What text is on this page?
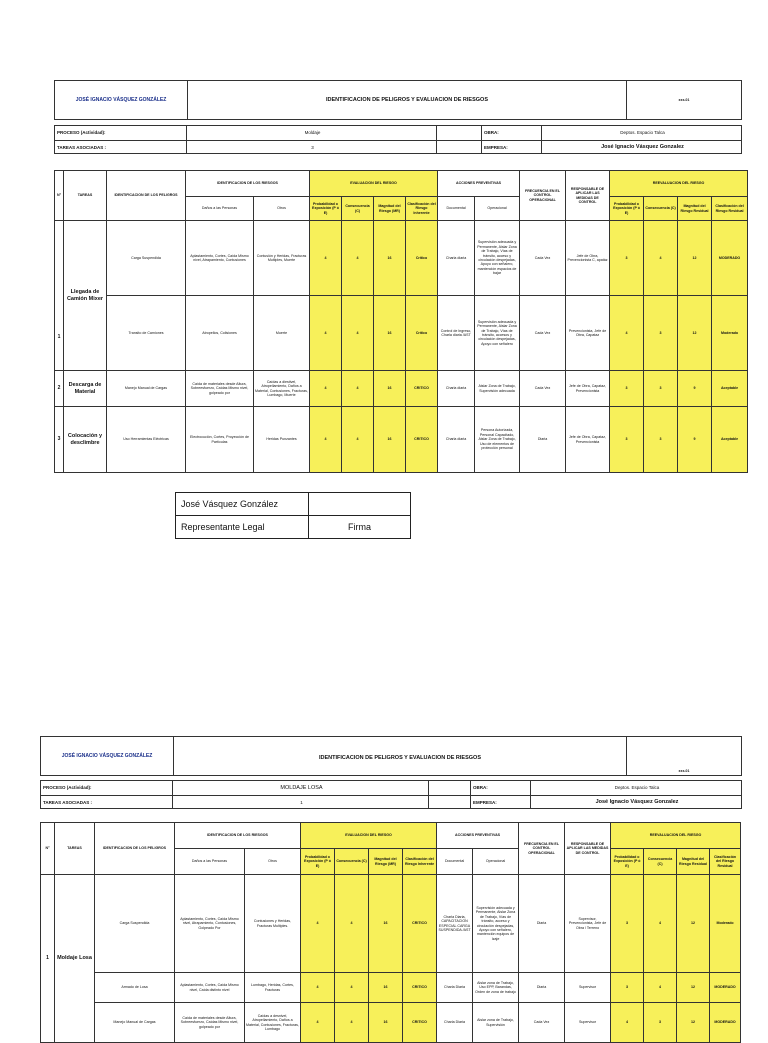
JOSÉ IGNACIO VÁSQUEZ GONZÁLEZ	IDENTIFICACION DE PELIGROS Y EVALUACION DE RIESGOS	xxx-01
PROCESO (Actividad):	Moldaje	OBRA:	Deptos. Espacio Talca
TAREAS ASOCIADAS :	3	EMPRESA:	José Ignacio Vásquez Gonzalez
N°	TAREAS	IDENTIFICACION DE LOS PELIGROS	IDENTIFICACION DE LOS RIESGOS		EVALUACION DEL RIESGO				ACCIONES PREVENTIVAS		FRECUENCIA EN EL CONTROL OPERACIONAL	RESPONSABLE DE APLICAR LAS MEDIDAS DE CONTROL	REEVALUACION DEL RIESGO			
			Daños a las Personas	Otros	Probabilidad o Exposición (P ó E)	Consecuencia (C)	Magnitud del Riesgo (MR)	Clasificación del Riesgo Inherente	Documental	Operacional			Probabilidad o Exposición (P ó E)	Consecuencia (C)	Magnitud del Riesgo Residual	Clasificación del Riesgo Residual
1	Llegada de Camión Mixer	Carga Suspendida	Aplastamiento, Cortes, Caída Mismo nivel, Atrapamiento, Contusiones	Contusión y Heridas, Fracturas Multiples, Muerte	4	4	16	Critico	Charla diaria	Supervisión adecuada y Permanente, Aislar Zona de Trabajo, Vías de tránsito, acceso y circulación despejadas, Apoyo con señalero, mantención espacios de bajar	Cada Vez	Jefe de Obra, Prevencionista C, apatáz	3	4	12	MODERADO
		Transito de Camiones	Atropellos, Colisiones	Muerte	4	4	16	Crítico	Control de Ingreso, Charla diaria /AST	Supervisión adecuada y Permanente, Aislar Zona de Trabajo, Vías de tránsito, accesos y circulación despejadas, Apoyo con señalero	Cada Vez	Prevencionista, Jefe de Obra, Capataz	4	3	12	Moderado
2	Descarga de Material	Manejo Manual de Cargas	Caída de materiales desde Altura, Sobreesfuerzo, Caídas Mismo nivel, golpeado por	Caídas a diestivel, Atropellamiento, Daños a Material, Contusiones, Fracturas, Lumbago, Muerte	4	4	16	CRITICO	Charla diaria	Aislar Zona de Trabajo, Supervisión adecuada	Cada Vez	Jefe de Obra, Capataz, Prevencionista	3	3	9	Aceptable
3	Colocación y desclimbre	Uso Herramientas Eléctricas	Electrocución, Cortes, Proyección de Partículas	Heridas Punzantes	4	4	16	CRITICO	Charla diaria	Persona Autorizada, Personal Capacitado, Aislar Zona de Trabajo, Uso de elementos de protección personal	Diaria	Jefe de Obra, Capataz, Prevencionista	3	3	9	Aceptable
José Vásquez González	
Representante Legal	Firma
JOSÉ IGNACIO VÁSQUEZ GONZÁLEZ	IDENTIFICACION DE PELIGROS Y EVALUACION DE RIESGOS
xxx-01
PROCESO (Actividad):	MOLDAJE LOSA	OBRA:	Deptos. Espacio Talca
TAREAS ASOCIADAS :	1	EMPRESA:	José Ignacio Vásquez Gonzalez
N°	TAREAS	IDENTIFICACION DE LOS PELIGROS	IDENTIFICACION DE LOS RIESGOS		EVALUACION DEL RIESGO				ACCIONES PREVENTIVAS		FRECUENCIA EN EL CONTROL OPERACIONAL	RESPONSABLE DE APLICAR LAS MEDIDAS DE CONTROL	REEVALUACION DEL RIESGO			
			Daños a las Personas	Otros	Probabilidad o Exposición (P ó E)	Consecuencia (C)	Magnitud del Riesgo (MR)	Clasificación del Riesgo Inherente	Documental	Operacional			Probabilidad o Exposición (P ó E)	Consecuencia (C)	Magnitud del Riesgo Residual	Clasificación del Riesgo Residual
1	Moldaje Losa	Carga Suspendida	Aplastamiento, Cortes, Caída Mismo nivel, Atrapamiento, Contusiones, Golpeado Por	Contusiones y Heridas, Fracturas Multiples.	4	4	16	CRITICO	Charla Diaria, CAPACITACION ESPECIAL CARGA SUSPENDIDA /AST	Supervisión adecuada y Permanente, Aislar Zona de Trabajo, Vías de tránsito, acceso y circulación despejadas, Apoyo con señalero, mantención equipos de Izaje	Diaria	Supervisor, Prevencionista, Jefe de Obra / Terreno	3	4	12	Moderado
		Armado de Losa	Aplastamiento, Cortes, Caída Mismo nivel, Caída distinto nivel	Lumbago, Heridas, Cortes, Fracturas	4	4	16	CRITICO	Charla Diaria	Aislar zona de Trabajo, Uso EPP, Barandas, Orden de zona de trabajo	Diaria	Supervisor	3	4	12	MODERADO
		Manejo Manual de Cargas	Caída de materiales desde Altura, Sobreesfuerzo, Caídas Mismo nivel, golpeado por	Caídas a desnivel, Atropellamiento, Daños a Material, Contusiones, Fracturas, Lumbago	4	4	16	CRITICO	Charla Diaria	Aislar zona de Trabajo, Supervisión	Cada Vez	Supervisor	4	3	12	MODERADO
